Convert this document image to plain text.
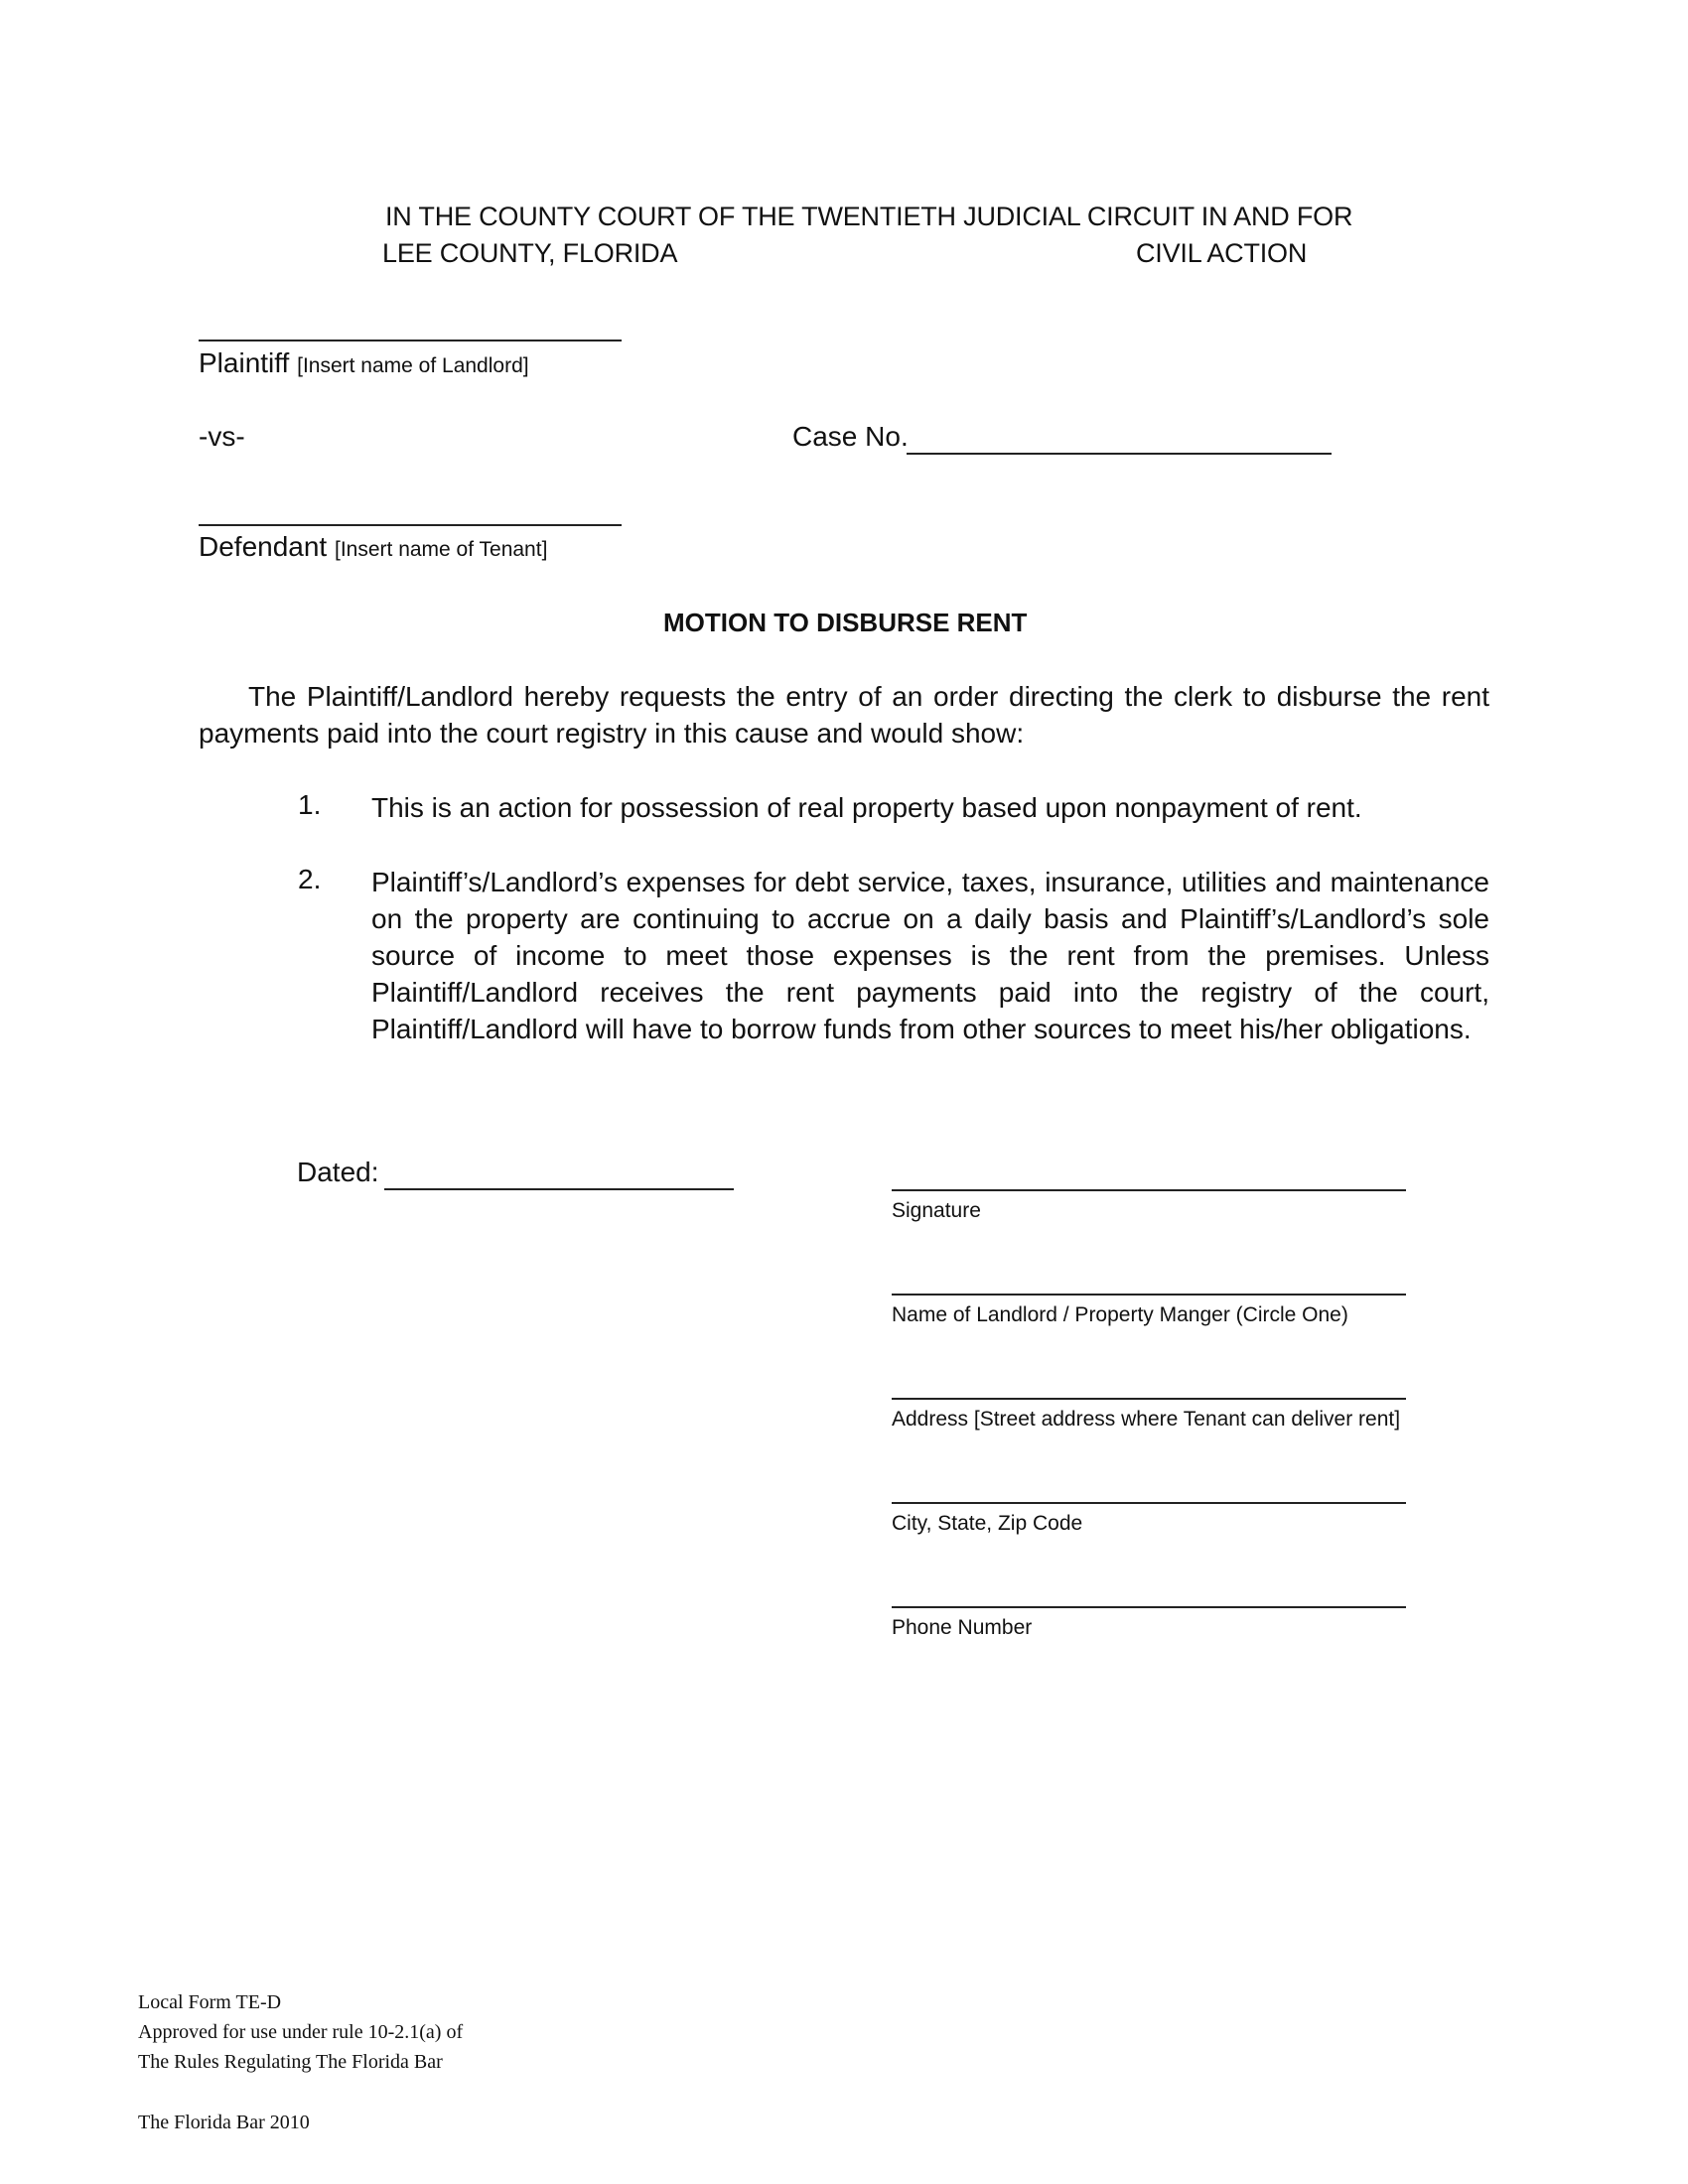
IN THE COUNTY COURT OF THE TWENTIETH JUDICIAL CIRCUIT IN AND FOR
LEE COUNTY, FLORIDA	CIVIL ACTION
Plaintiff [Insert name of Landlord]
-vs-	Case No.
Defendant [Insert name of Tenant]
MOTION TO DISBURSE RENT
The Plaintiff/Landlord hereby requests the entry of an order directing the clerk to disburse the rent payments paid into the court registry in this cause and would show:
1. This is an action for possession of real property based upon nonpayment of rent.
2. Plaintiff’s/Landlord’s expenses for debt service, taxes, insurance, utilities and maintenance on the property are continuing to accrue on a daily basis and Plaintiff’s/Landlord’s sole source of income to meet those expenses is the rent from the premises. Unless Plaintiff/Landlord receives the rent payments paid into the registry of the court, Plaintiff/Landlord will have to borrow funds from other sources to meet his/her obligations.
Dated:
Signature
Name of Landlord / Property Manger (Circle One)
Address [Street address where Tenant can deliver rent]
City, State, Zip Code
Phone Number
Local Form TE-D
Approved for use under rule 10-2.1(a) of
The Rules Regulating The Florida Bar
The Florida Bar 2010
